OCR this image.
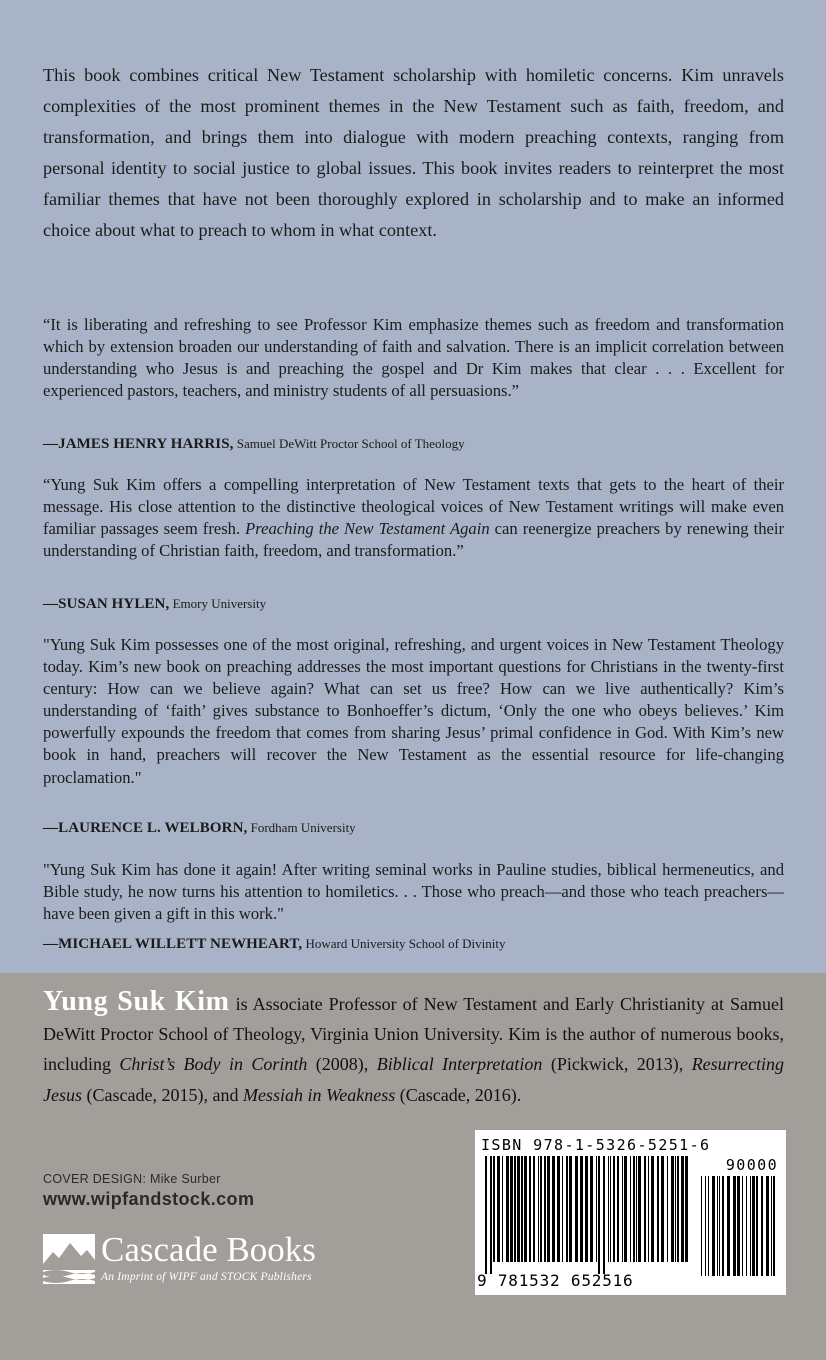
This book combines critical New Testament scholarship with homiletic concerns. Kim unravels complexities of the most prominent themes in the New Testament such as faith, freedom, and transformation, and brings them into dialogue with modern preaching contexts, ranging from personal identity to social justice to global issues. This book invites readers to reinterpret the most familiar themes that have not been thoroughly explored in scholarship and to make an informed choice about what to preach to whom in what context.

“It is liberating and refreshing to see Professor Kim emphasize themes such as freedom and transformation which by extension broaden our understanding of faith and salvation. There is an implicit correlation between understanding who Jesus is and preaching the gospel and Dr Kim makes that clear . . . Excellent for experienced pastors, teachers, and ministry students of all persuasions.”

—JAMES HENRY HARRIS, Samuel DeWitt Proctor School of Theology

“Yung Suk Kim offers a compelling interpretation of New Testament texts that gets to the heart of their message. His close attention to the distinctive theological voices of New Testament writings will make even familiar passages seem fresh. Preaching the New Testament Again can reenergize preachers by renewing their understanding of Christian faith, freedom, and transformation.”

—SUSAN HYLEN, Emory University

"Yung Suk Kim possesses one of the most original, refreshing, and urgent voices in New Testament Theology today. Kim’s new book on preaching addresses the most important questions for Christians in the twenty-first century: How can we believe again? What can set us free? How can we live authentically? Kim’s understanding of ‘faith’ gives substance to Bonhoeffer’s dictum, ‘Only the one who obeys believes.’ Kim powerfully expounds the freedom that comes from sharing Jesus’ primal confidence in God. With Kim’s new book in hand, preachers will recover the New Testament as the essential resource for life-changing proclamation."

—LAURENCE L. WELBORN, Fordham University

"Yung Suk Kim has done it again! After writing seminal works in Pauline studies, biblical hermeneutics, and Bible study, he now turns his attention to homiletics. . . Those who preach—and those who teach preachers—have been given a gift in this work."

—MICHAEL WILLETT NEWHEART, Howard University School of Divinity

Yung Suk Kim is Associate Professor of New Testament and Early Christianity at Samuel DeWitt Proctor School of Theology, Virginia Union University. Kim is the author of numerous books, including Christ’s Body in Corinth (2008), Biblical Interpretation (Pickwick, 2013), Resurrecting Jesus (Cascade, 2015), and Messiah in Weakness (Cascade, 2016).

COVER DESIGN: Mike Surber

www.wipfandstock.com

Cascade Books

An Imprint of WIPF and STOCK Publishers

ISBN 978-1-5326-5251-6

90000

9 781532 652516
